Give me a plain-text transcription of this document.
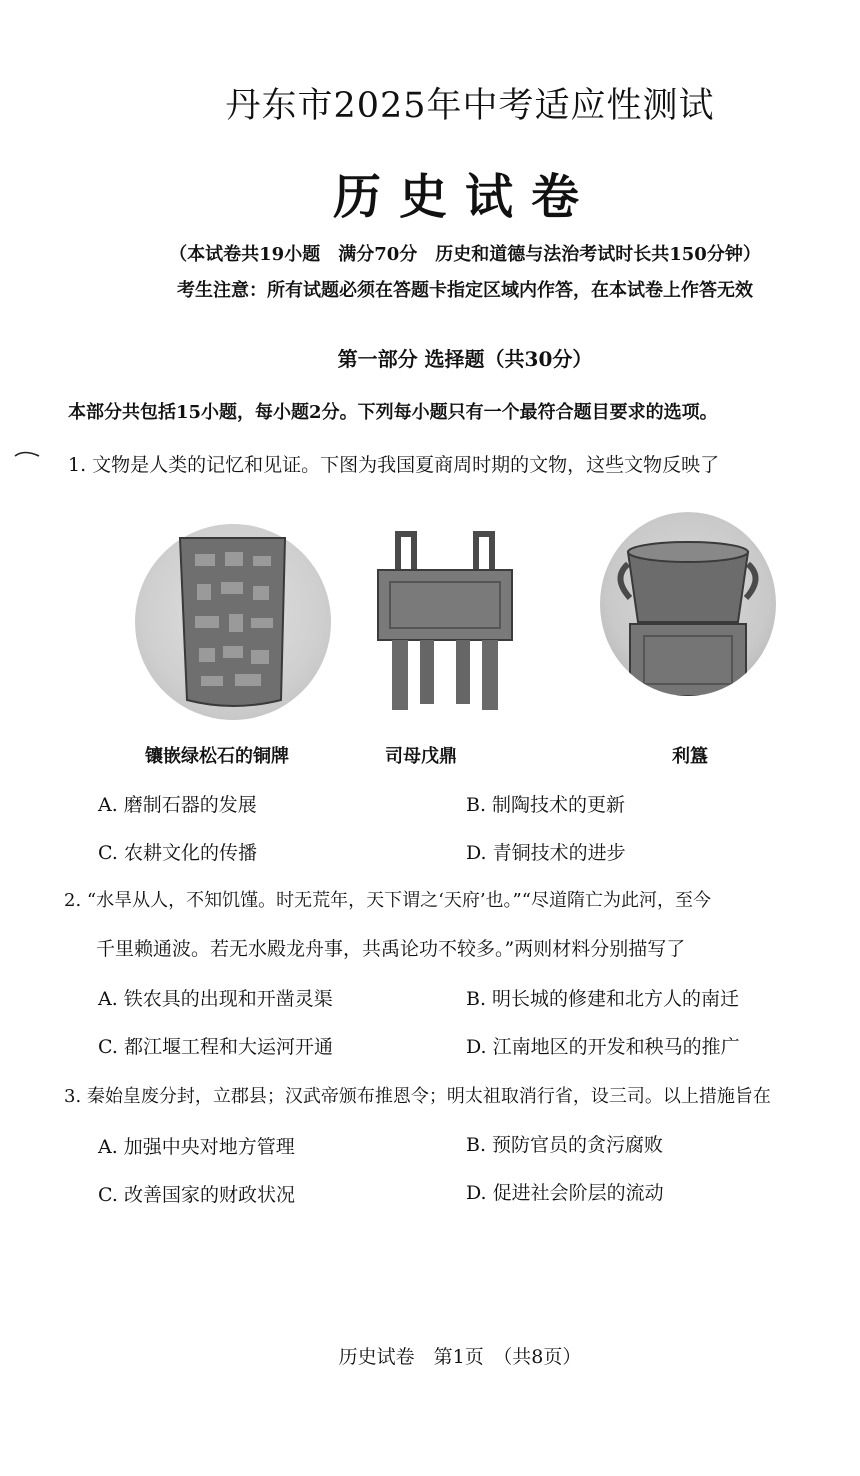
丹东市2025年中考适应性测试
历史试卷
（本试卷共19小题　满分70分　历史和道德与法治考试时长共150分钟）
考生注意：所有试题必须在答题卡指定区域内作答，在本试卷上作答无效
第一部分 选择题（共30分）
本部分共包括15小题，每小题2分。下列每小题只有一个最符合题目要求的选项。
1. 文物是人类的记忆和见证。下图为我国夏商周时期的文物，这些文物反映了
镶嵌绿松石的铜牌	司母戊鼎	利簋
A. 磨制石器的发展	B. 制陶技术的更新
C. 农耕文化的传播	D. 青铜技术的进步
2. “水旱从人，不知饥馑。时无荒年，天下谓之‘天府’也。”“尽道隋亡为此河，至今
千里赖通波。若无水殿龙舟事，共禹论功不较多。”两则材料分别描写了
A. 铁农具的出现和开凿灵渠	B. 明长城的修建和北方人的南迁
C. 都江堰工程和大运河开通	D. 江南地区的开发和秧马的推广
3. 秦始皇废分封，立郡县；汉武帝颁布推恩令；明太祖取消行省，设三司。以上措施旨在
A. 加强中央对地方管理	B. 预防官员的贪污腐败
C. 改善国家的财政状况	D. 促进社会阶层的流动
历史试卷　第1页　（共8页）
